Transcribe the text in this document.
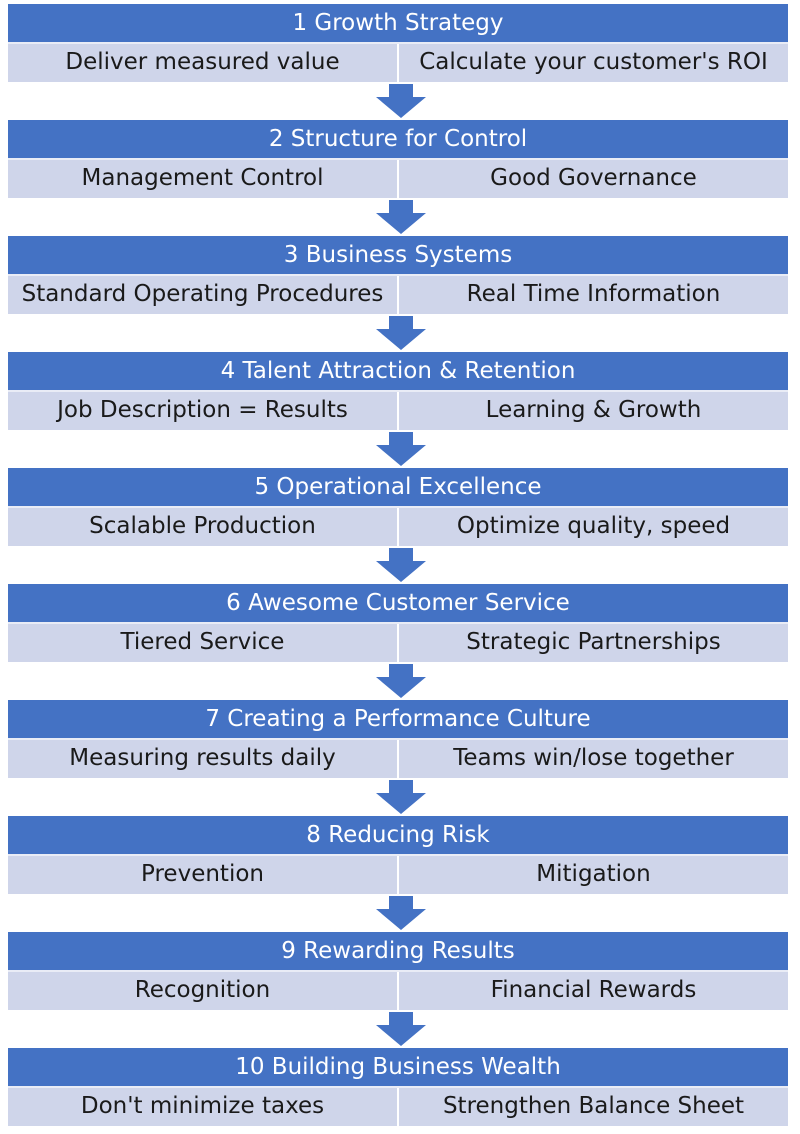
1 Growth Strategy
Deliver measured value	Calculate your customer's ROI
2 Structure for Control
Management Control	Good Governance
3 Business Systems
Standard Operating Procedures	Real Time Information
4 Talent Attraction & Retention
Job Description = Results	Learning & Growth
5 Operational Excellence
Scalable Production	Optimize quality, speed
6 Awesome Customer Service
Tiered Service	Strategic Partnerships
7 Creating a Performance Culture
Measuring results daily	Teams win/lose together
8 Reducing Risk
Prevention	Mitigation
9 Rewarding Results
Recognition	Financial Rewards
10 Building Business Wealth
Don't minimize taxes	Strengthen Balance Sheet
